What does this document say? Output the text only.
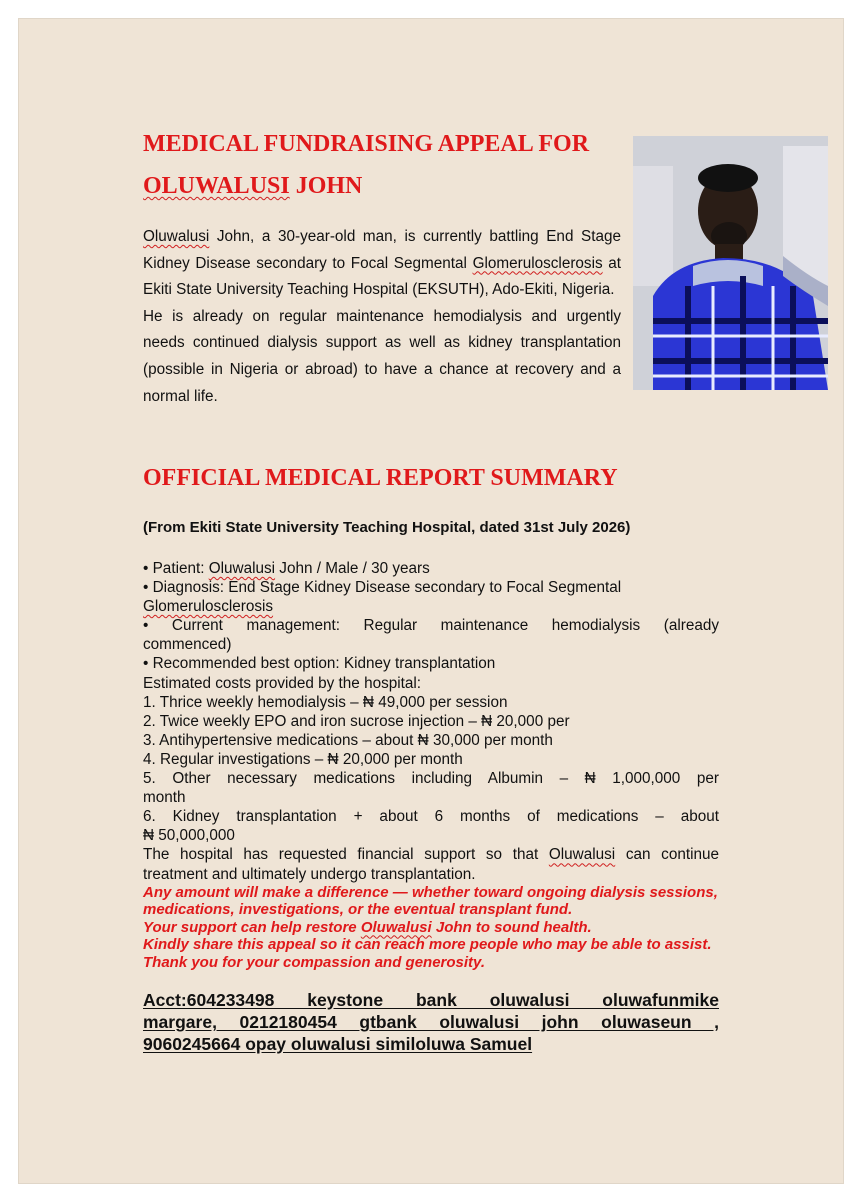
MEDICAL FUNDRAISING APPEAL FOR
OLUWALUSI JOHN

Oluwalusi John, a 30-year-old man, is currently battling End Stage Kidney Disease secondary to Focal Segmental Glomerulosclerosis at Ekiti State University Teaching Hospital (EKSUTH), Ado-Ekiti, Nigeria.

He is already on regular maintenance hemodialysis and urgently needs continued dialysis support as well as kidney transplantation (possible in Nigeria or abroad) to have a chance at recovery and a normal life.

OFFICIAL MEDICAL REPORT SUMMARY
(From Ekiti State University Teaching Hospital, dated 31st July 2026)
• Patient: Oluwalusi John / Male / 30 years
• Diagnosis: End Stage Kidney Disease secondary to Focal Segmental
Glomerulosclerosis
• Current management: Regular maintenance hemodialysis (already
commenced)
• Recommended best option: Kidney transplantation
Estimated costs provided by the hospital:
1. Thrice weekly hemodialysis – ₦ 49,000 per session
2. Twice weekly EPO and iron sucrose injection – ₦ 20,000 per
3. Antihypertensive medications – about ₦ 30,000 per month
4. Regular investigations – ₦ 20,000 per month
5. Other necessary medications including Albumin – ₦ 1,000,000 per
month
6. Kidney transplantation + about 6 months of medications – about
₦ 50,000,000
The hospital has requested financial support so that Oluwalusi can continue treatment and ultimately undergo transplantation.
Any amount will make a difference — whether toward ongoing dialysis sessions, medications, investigations, or the eventual transplant fund.
Your support can help restore Oluwalusi John to sound health.
Kindly share this appeal so it can reach more people who may be able to assist.
Thank you for your compassion and generosity.
Acct:604233498 keystone bank oluwalusi oluwafunmike
margare, 0212180454 gtbank oluwalusi john oluwaseun ,
9060245664 opay oluwalusi similoluwa Samuel
